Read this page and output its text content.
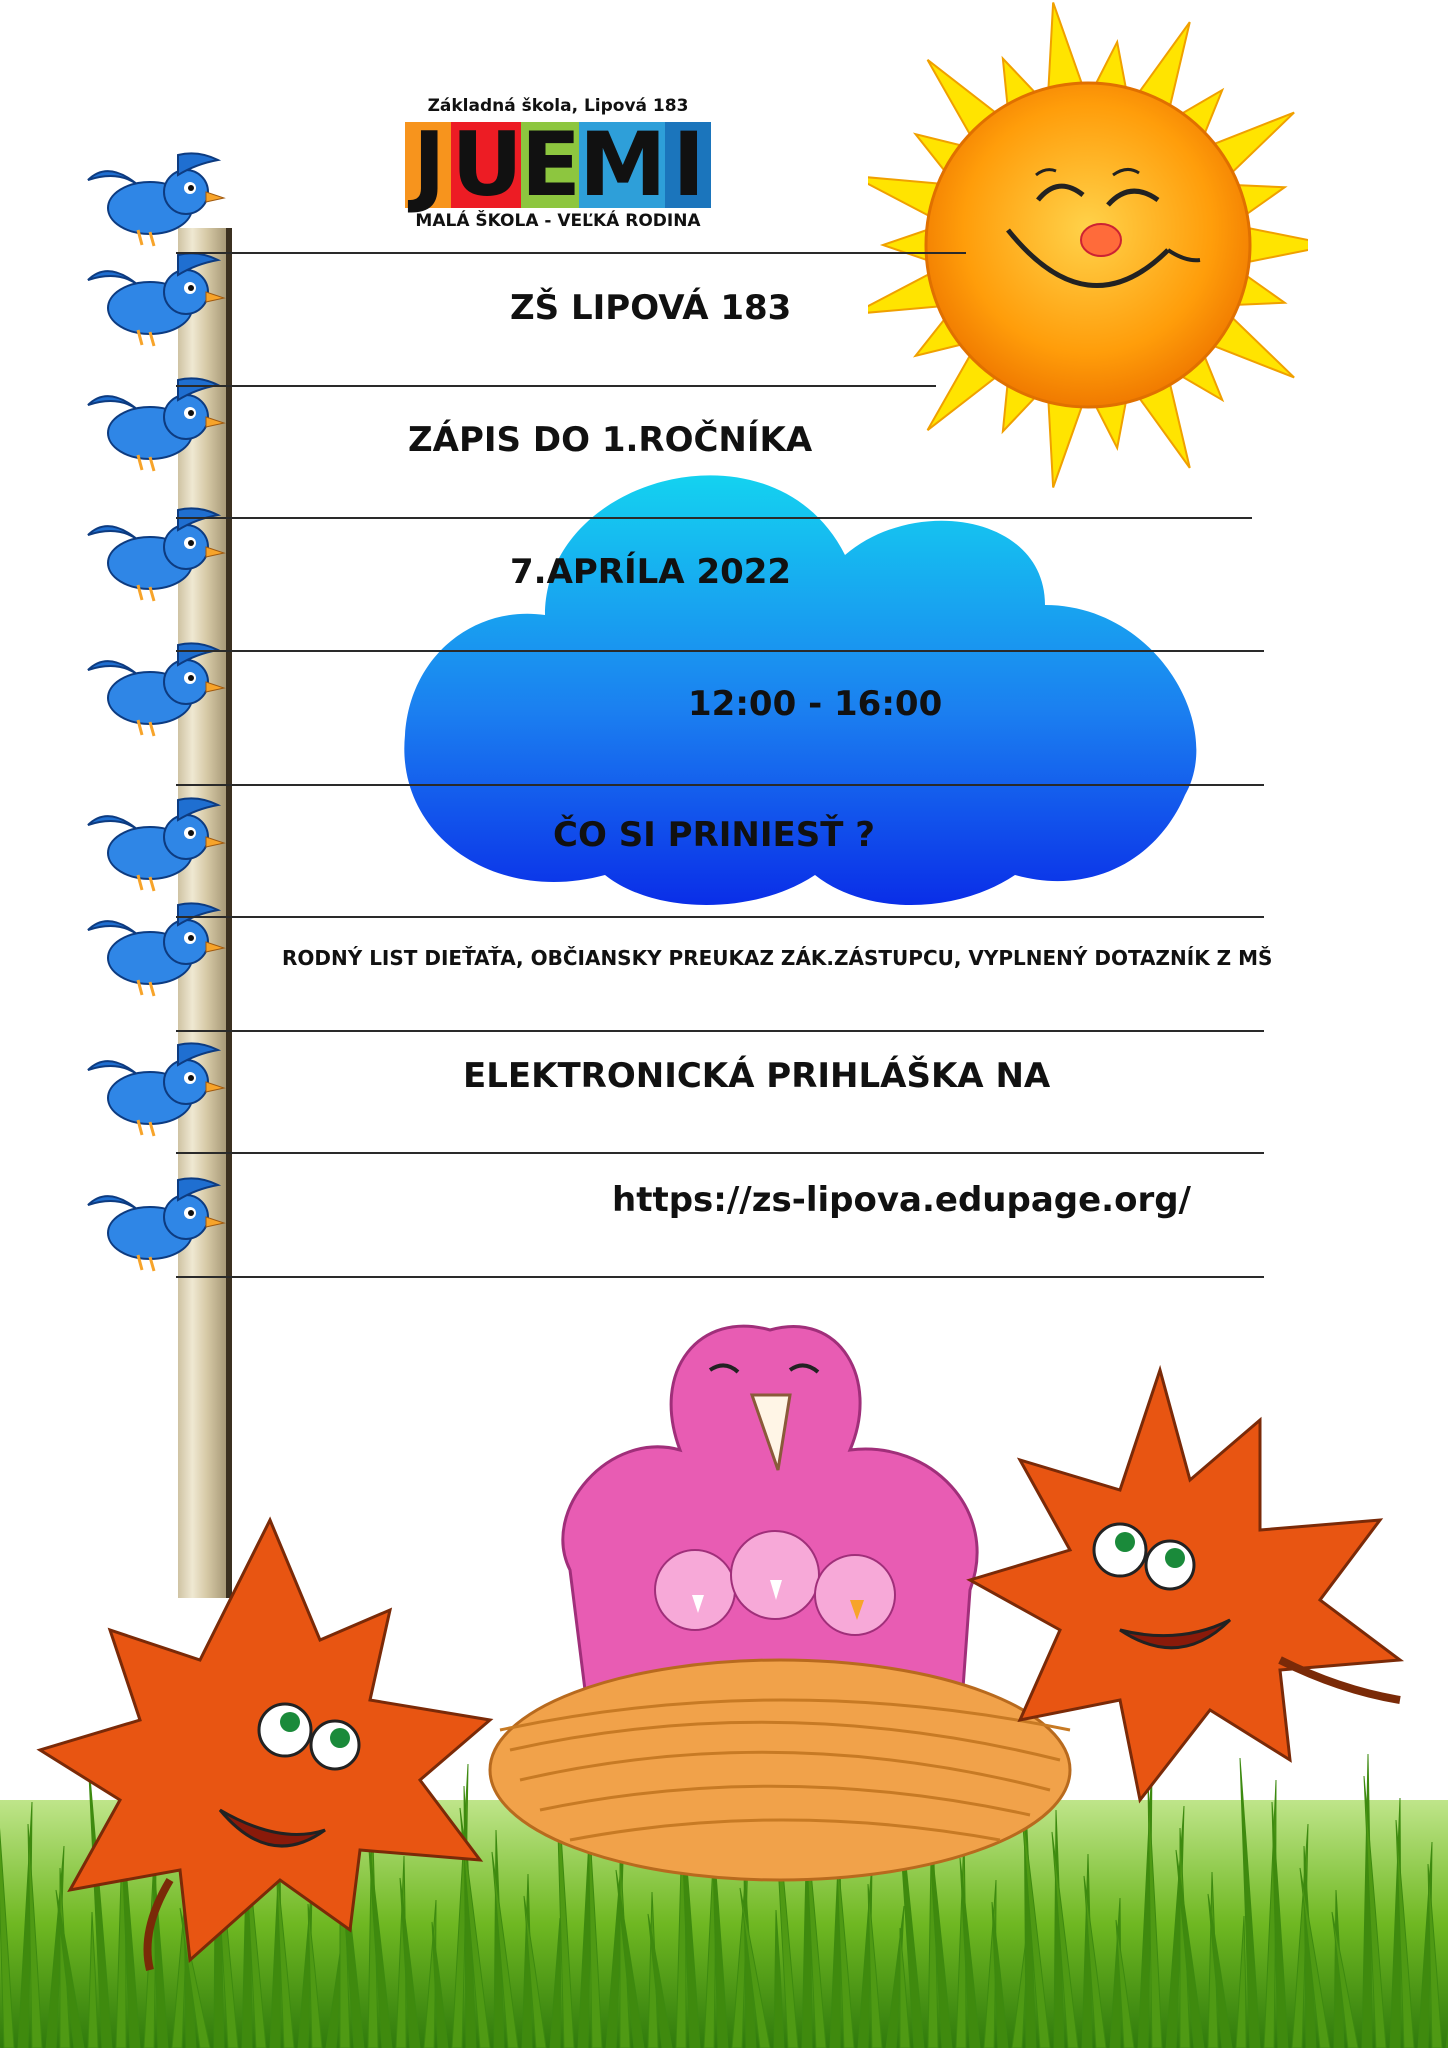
Základná škola, Lipová 183
J U E M I
MALÁ ŠKOLA - VEĽKÁ RODINA
ZŠ LIPOVÁ 183
ZÁPIS DO 1.ROČNÍKA
7.APRÍLA 2022
12:00 - 16:00
ČO SI PRINIESŤ ?
RODNÝ LIST DIEŤAŤA, OBČIANSKY PREUKAZ ZÁK.ZÁSTUPCU, VYPLNENÝ DOTAZNÍK Z MŠ
ELEKTRONICKÁ PRIHLÁŠKA NA
https://zs-lipova.edupage.org/
